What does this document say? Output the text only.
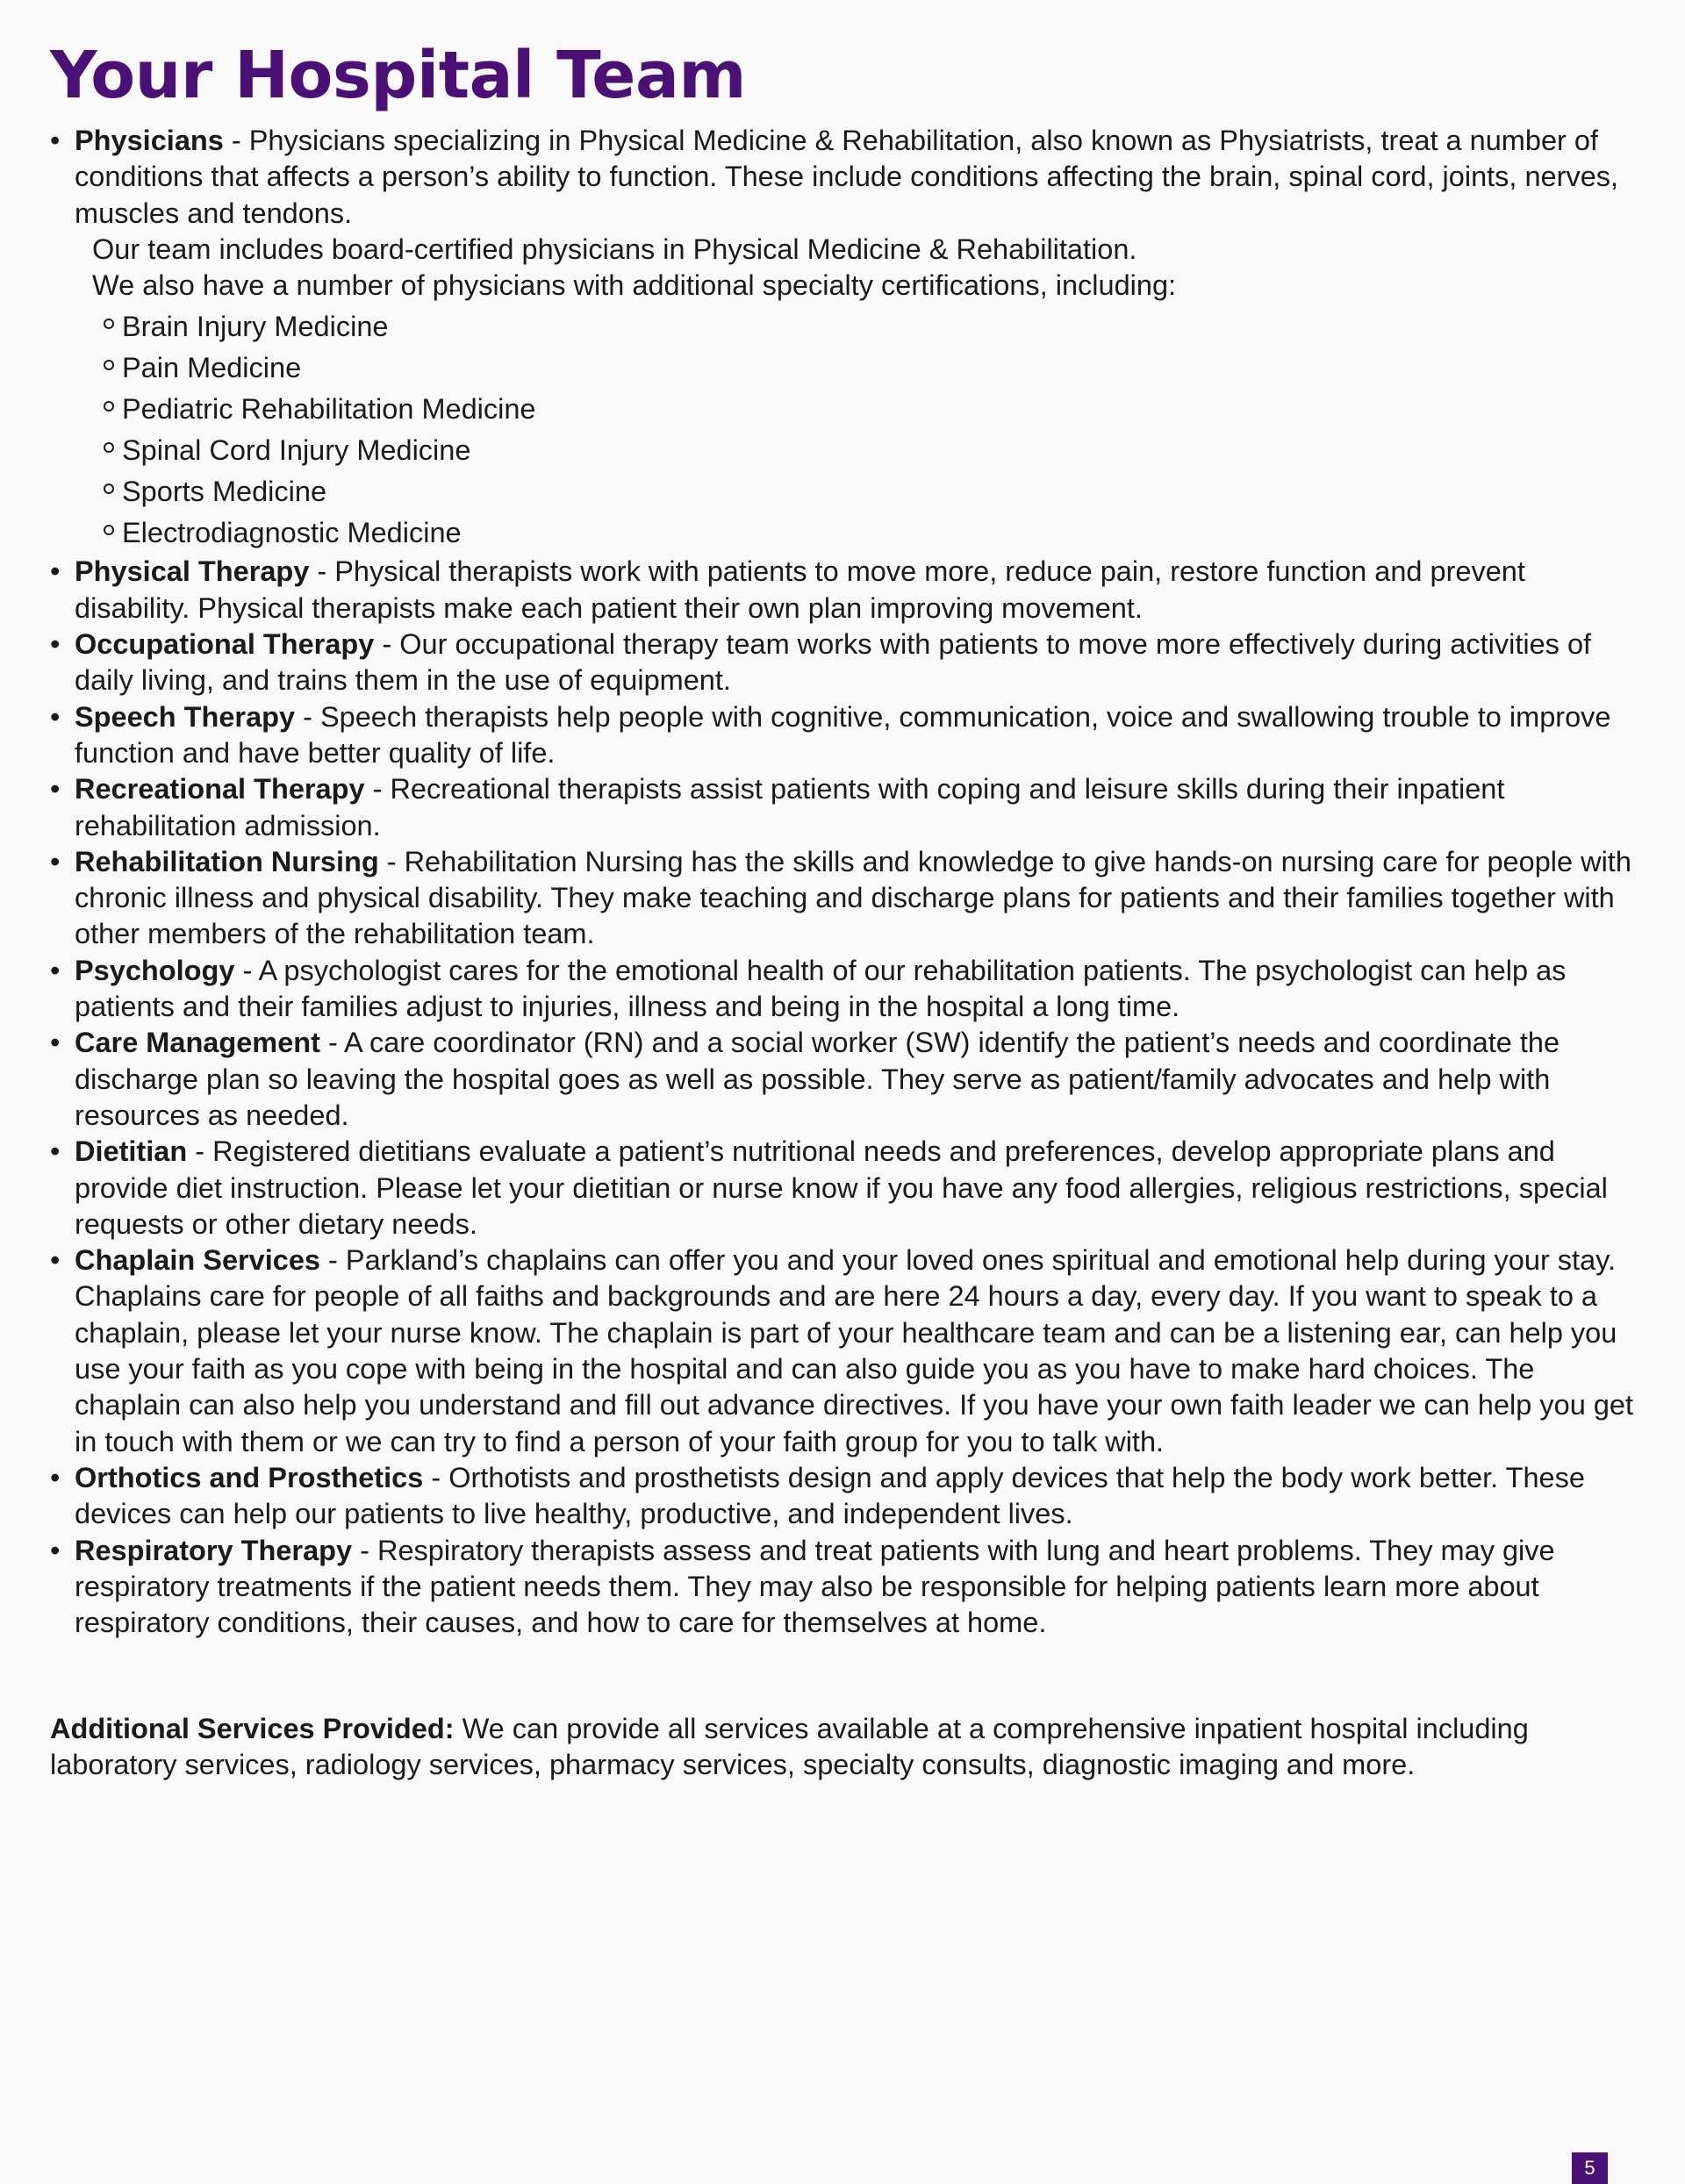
Your Hospital Team
• Physicians - Physicians specializing in Physical Medicine & Rehabilitation, also known as Physiatrists, treat a number of conditions that affects a person’s ability to function. These include conditions affecting the brain, spinal cord, joints, nerves, muscles and tendons.
Our team includes board-certified physicians in Physical Medicine & Rehabilitation.
We also have a number of physicians with additional specialty certifications, including:
Brain Injury Medicine
Pain Medicine
Pediatric Rehabilitation Medicine
Spinal Cord Injury Medicine
Sports Medicine
Electrodiagnostic Medicine
• Physical Therapy - Physical therapists work with patients to move more, reduce pain, restore function and prevent disability. Physical therapists make each patient their own plan improving movement.
• Occupational Therapy - Our occupational therapy team works with patients to move more effectively during activities of daily living, and trains them in the use of equipment.
• Speech Therapy - Speech therapists help people with cognitive, communication, voice and swallowing trouble to improve function and have better quality of life.
• Recreational Therapy - Recreational therapists assist patients with coping and leisure skills during their inpatient rehabilitation admission.
• Rehabilitation Nursing - Rehabilitation Nursing has the skills and knowledge to give hands-on nursing care for people with chronic illness and physical disability. They make teaching and discharge plans for patients and their families together with other members of the rehabilitation team.
• Psychology - A psychologist cares for the emotional health of our rehabilitation patients. The psychologist can help as patients and their families adjust to injuries, illness and being in the hospital a long time.
• Care Management - A care coordinator (RN) and a social worker (SW) identify the patient’s needs and coordinate the discharge plan so leaving the hospital goes as well as possible. They serve as patient/family advocates and help with resources as needed.
• Dietitian - Registered dietitians evaluate a patient’s nutritional needs and preferences, develop appropriate plans and provide diet instruction. Please let your dietitian or nurse know if you have any food allergies, religious restrictions, special requests or other dietary needs.
• Chaplain Services - Parkland’s chaplains can offer you and your loved ones spiritual and emotional help during your stay. Chaplains care for people of all faiths and backgrounds and are here 24 hours a day, every day. If you want to speak to a chaplain, please let your nurse know. The chaplain is part of your healthcare team and can be a listening ear, can help you use your faith as you cope with being in the hospital and can also guide you as you have to make hard choices. The chaplain can also help you understand and fill out advance directives. If you have your own faith leader we can help you get in touch with them or we can try to find a person of your faith group for you to talk with.
• Orthotics and Prosthetics - Orthotists and prosthetists design and apply devices that help the body work better. These devices can help our patients to live healthy, productive, and independent lives.
• Respiratory Therapy - Respiratory therapists assess and treat patients with lung and heart problems. They may give respiratory treatments if the patient needs them. They may also be responsible for helping patients learn more about respiratory conditions, their causes, and how to care for themselves at home.

Additional Services Provided: We can provide all services available at a comprehensive inpatient hospital including laboratory services, radiology services, pharmacy services, specialty consults, diagnostic imaging and more.

5
